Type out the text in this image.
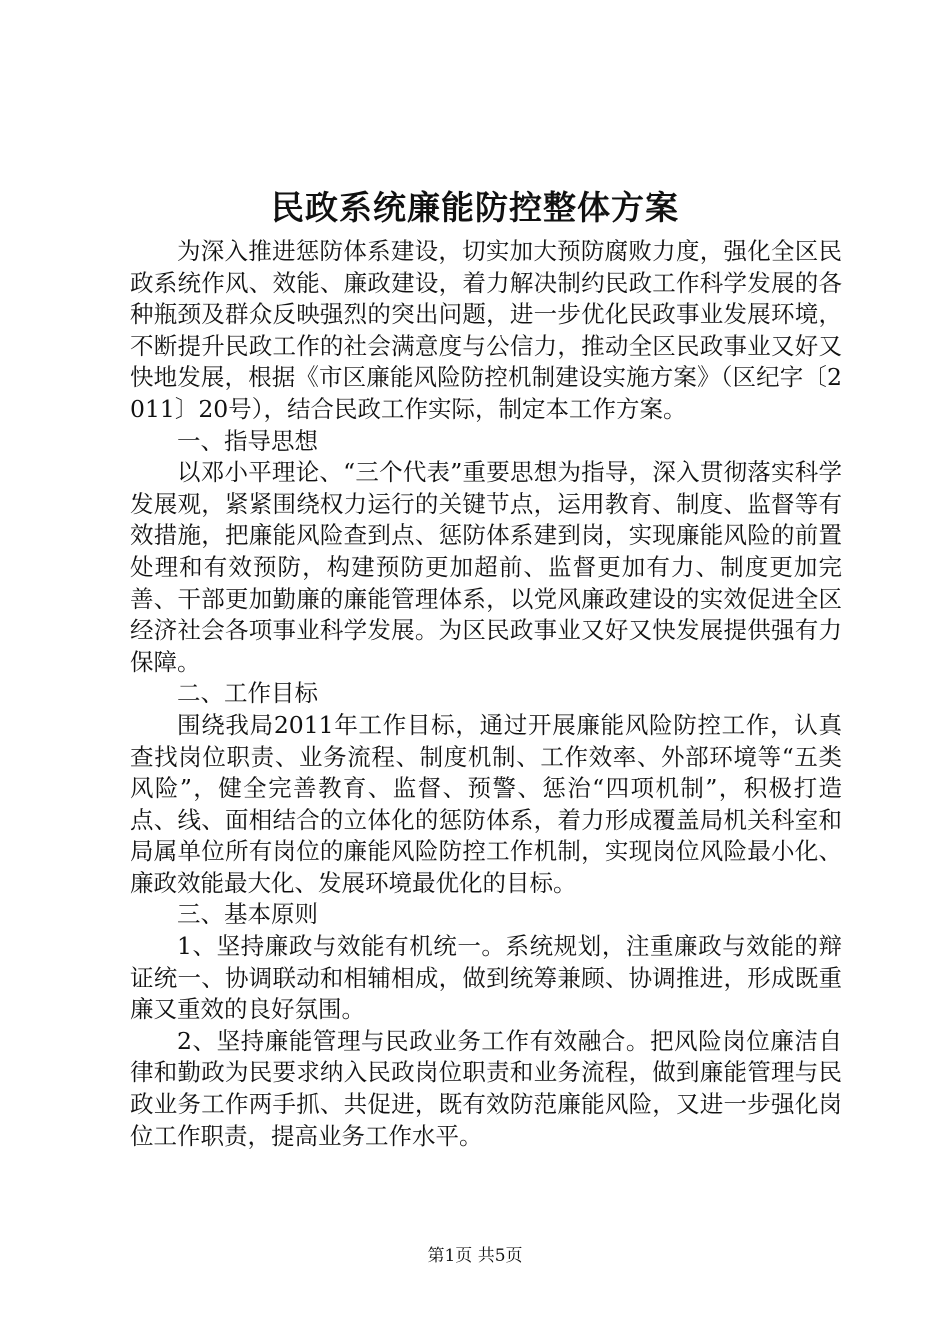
民政系统廉能防控整体方案

为深入推进惩防体系建设，切实加大预防腐败力度，强化全区民政系统作风、效能、廉政建设，着力解决制约民政工作科学发展的各种瓶颈及群众反映强烈的突出问题，进一步优化民政事业发展环境，不断提升民政工作的社会满意度与公信力，推动全区民政事业又好又快地发展，根据《市区廉能风险防控机制建设实施方案》（区纪字〔2011〕20号），结合民政工作实际，制定本工作方案。

一、指导思想

以邓小平理论、“三个代表”重要思想为指导，深入贯彻落实科学发展观，紧紧围绕权力运行的关键节点，运用教育、制度、监督等有效措施，把廉能风险查到点、惩防体系建到岗，实现廉能风险的前置处理和有效预防，构建预防更加超前、监督更加有力、制度更加完善、干部更加勤廉的廉能管理体系，以党风廉政建设的实效促进全区经济社会各项事业科学发展。为区民政事业又好又快发展提供强有力保障。

二、工作目标

围绕我局2011年工作目标，通过开展廉能风险防控工作，认真查找岗位职责、业务流程、制度机制、工作效率、外部环境等“五类风险”，健全完善教育、监督、预警、惩治“四项机制”，积极打造点、线、面相结合的立体化的惩防体系，着力形成覆盖局机关科室和局属单位所有岗位的廉能风险防控工作机制，实现岗位风险最小化、廉政效能最大化、发展环境最优化的目标。

三、基本原则

1、坚持廉政与效能有机统一。系统规划，注重廉政与效能的辩证统一、协调联动和相辅相成，做到统筹兼顾、协调推进，形成既重廉又重效的良好氛围。

2、坚持廉能管理与民政业务工作有效融合。把风险岗位廉洁自律和勤政为民要求纳入民政岗位职责和业务流程，做到廉能管理与民政业务工作两手抓、共促进，既有效防范廉能风险，又进一步强化岗位工作职责，提高业务工作水平。

第1页 共5页
